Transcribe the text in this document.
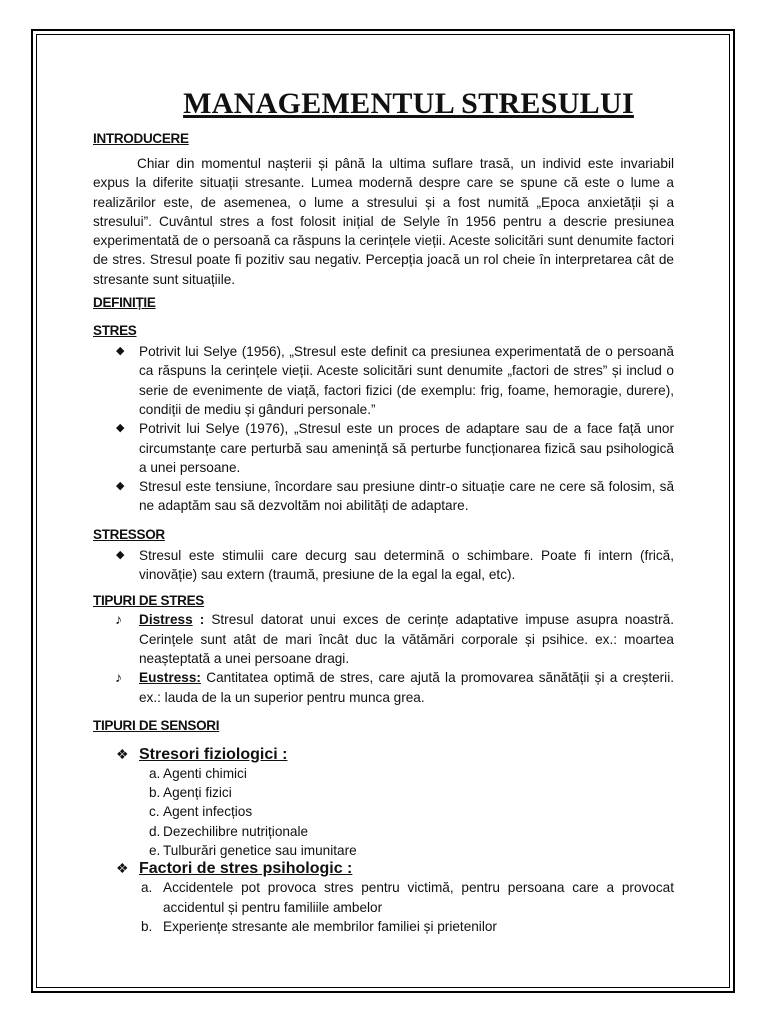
MANAGEMENTUL STRESULUI
INTRODUCERE

Chiar din momentul nașterii și până la ultima suflare trasă, un individ este invariabil expus la diferite situații stresante. Lumea modernă despre care se spune că este o lume a realizărilor este, de asemenea, o lume a stresului și a fost numită „Epoca anxietății și a stresului”. Cuvântul stres a fost folosit inițial de Selyle în 1956 pentru a descrie presiunea experimentată de o persoană ca răspuns la cerințele vieții. Aceste solicitări sunt denumite factori de stres. Stresul poate fi pozitiv sau negativ. Percepția joacă un rol cheie în interpretarea cât de stresante sunt situațiile.

DEFINIȚIE
STRES
◆ Potrivit lui Selye (1956), „Stresul este definit ca presiunea experimentată de o persoană ca răspuns la cerințele vieții. Aceste solicitări sunt denumite „factori de stres” și includ o serie de evenimente de viață, factori fizici (de exemplu: frig, foame, hemoragie, durere), condiții de mediu și gânduri personale.”
◆ Potrivit lui Selye (1976), „Stresul este un proces de adaptare sau de a face față unor circumstanțe care perturbă sau amenință să perturbe funcționarea fizică sau psihologică a unei persoane.
◆ Stresul este tensiune, încordare sau presiune dintr-o situație care ne cere să folosim, să ne adaptăm sau să dezvoltăm noi abilități de adaptare.
STRESSOR
◆ Stresul este stimulii care decurg sau determină o schimbare. Poate fi intern (frică, vinovăție) sau extern (traumă, presiune de la egal la egal, etc).
TIPURI DE STRES
♪ Distress : Stresul datorat unui exces de cerințe adaptative impuse asupra noastră. Cerințele sunt atât de mari încât duc la vătămări corporale și psihice. ex.: moartea neașteptată a unei persoane dragi.
♪ Eustress: Cantitatea optimă de stres, care ajută la promovarea sănătății și a creșterii. ex.: lauda de la un superior pentru munca grea.
TIPURI DE SENSORI
❖ Stresori fiziologici :
a. Agenti chimici
b. Agenți fizici
c. Agent infecțios
d. Dezechilibre nutriționale
e. Tulburări genetice sau imunitare
❖ Factori de stres psihologic :
a. Accidentele pot provoca stres pentru victimă, pentru persoana care a provocat accidentul și pentru familiile ambelor
b. Experiențe stresante ale membrilor familiei și prietenilor
